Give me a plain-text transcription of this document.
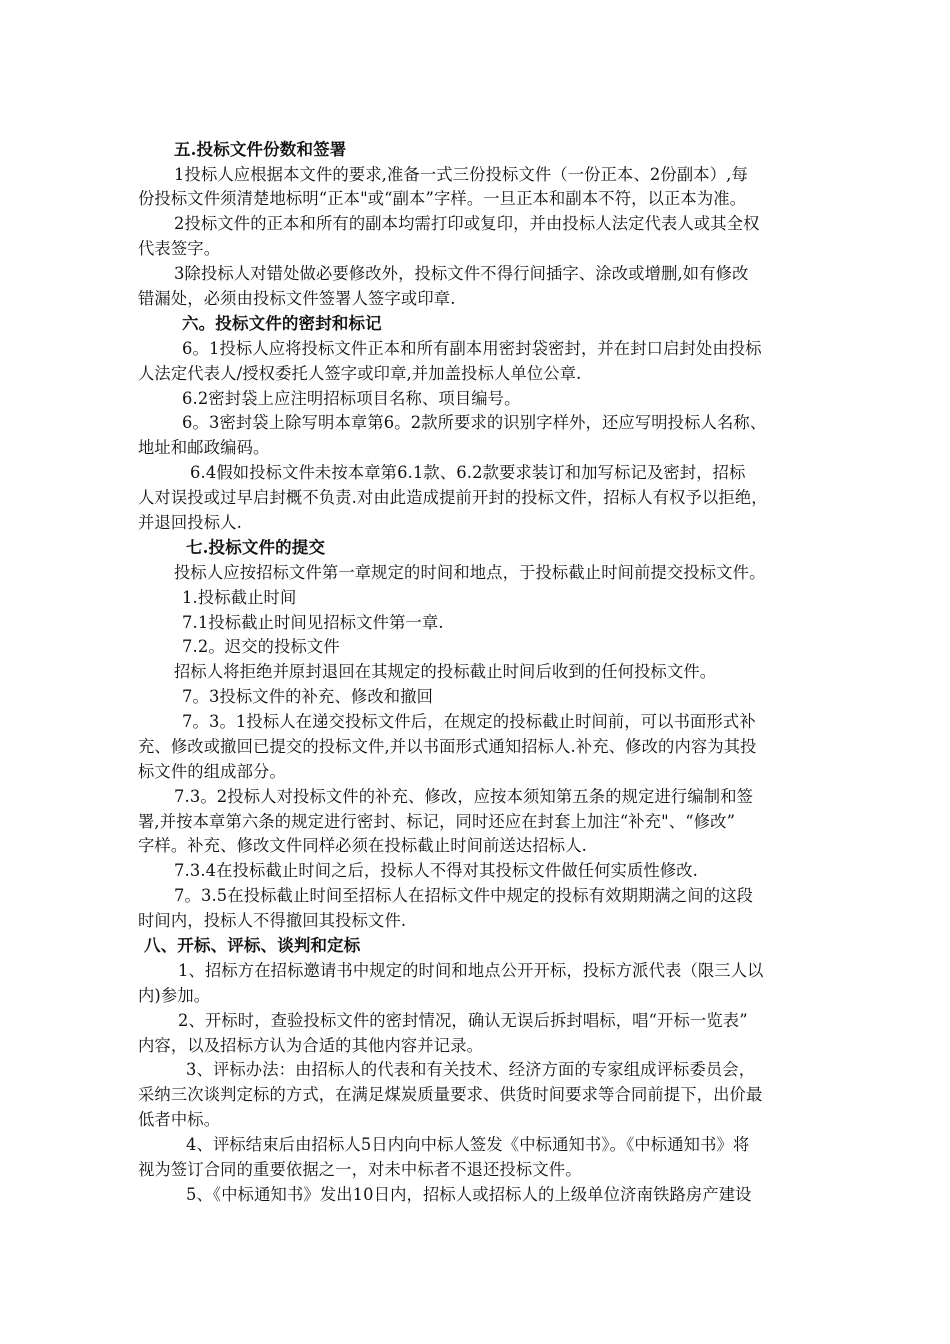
五.投标文件份数和签署
1投标人应根据本文件的要求,准备一式三份投标文件（一份正本、2份副本）,每
份投标文件须清楚地标明“正本"或“副本”字样。一旦正本和副本不符，以正本为准。
2投标文件的正本和所有的副本均需打印或复印，并由投标人法定代表人或其全权
代表签字。
3除投标人对错处做必要修改外，投标文件不得行间插字、涂改或增删,如有修改
错漏处，必须由投标文件签署人签字或印章.
六。投标文件的密封和标记
6。1投标人应将投标文件正本和所有副本用密封袋密封，并在封口启封处由投标
人法定代表人/授权委托人签字或印章,并加盖投标人单位公章.
6.2密封袋上应注明招标项目名称、项目编号。
6。3密封袋上除写明本章第6。2款所要求的识别字样外，还应写明投标人名称、
地址和邮政编码。
6.4假如投标文件未按本章第6.1款、6.2款要求装订和加写标记及密封，招标
人对误投或过早启封概不负责.对由此造成提前开封的投标文件，招标人有权予以拒绝，
并退回投标人.
七.投标文件的提交
投标人应按招标文件第一章规定的时间和地点，于投标截止时间前提交投标文件。
1.投标截止时间
7.1投标截止时间见招标文件第一章.
7.2。迟交的投标文件
招标人将拒绝并原封退回在其规定的投标截止时间后收到的任何投标文件。
7。3投标文件的补充、修改和撤回
7。3。1投标人在递交投标文件后，在规定的投标截止时间前，可以书面形式补
充、修改或撤回已提交的投标文件,并以书面形式通知招标人.补充、修改的内容为其投
标文件的组成部分。
7.3。2投标人对投标文件的补充、修改，应按本须知第五条的规定进行编制和签
署,并按本章第六条的规定进行密封、标记，同时还应在封套上加注“补充"、“修改”
字样。补充、修改文件同样必须在投标截止时间前送达招标人.
7.3.4在投标截止时间之后，投标人不得对其投标文件做任何实质性修改.
7。3.5在投标截止时间至招标人在招标文件中规定的投标有效期期满之间的这段
时间内，投标人不得撤回其投标文件.
八、开标、评标、谈判和定标
1、招标方在招标邀请书中规定的时间和地点公开开标，投标方派代表（限三人以
内)参加。
2、开标时，查验投标文件的密封情况，确认无误后拆封唱标，唱“开标一览表”
内容，以及招标方认为合适的其他内容并记录。
3、评标办法：由招标人的代表和有关技术、经济方面的专家组成评标委员会，
采纳三次谈判定标的方式，在满足煤炭质量要求、供货时间要求等合同前提下，出价最
低者中标。
4、评标结束后由招标人5日内向中标人签发《中标通知书》。《中标通知书》将
视为签订合同的重要依据之一，对未中标者不退还投标文件。
5、《中标通知书》发出10日内，招标人或招标人的上级单位济南铁路房产建设
